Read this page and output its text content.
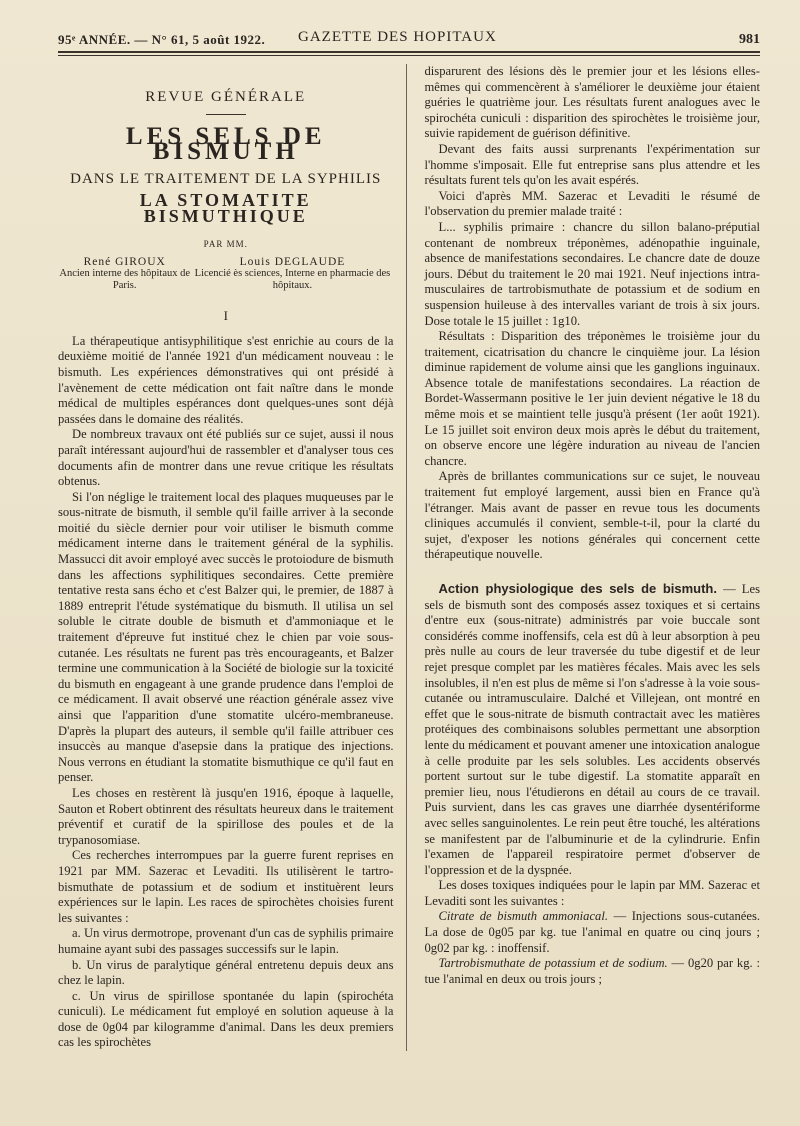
95ᵉ ANNÉE. — N° 61, 5 août 1922. GAZETTE DES HOPITAUX	981
REVUE GÉNÉRALE
LES SELS DE BISMUTH
DANS LE TRAITEMENT DE LA SYPHILIS
LA STOMATITE BISMUTHIQUE
PAR MM.
René GIROUX
Ancien interne des hôpitaux de Paris.
Louis DEGLAUDE
Licencié ès sciences, Interne en pharmacie des hôpitaux.
I

La thérapeutique antisyphilitique s'est enrichie au cours de la deuxième moitié de l'année 1921 d'un médicament nouveau : le bismuth. Les expériences démonstratives qui ont présidé à l'avènement de cette médication ont fait naître dans le monde médical de multiples espérances dont quelques-unes sont déjà passées dans le domaine des réalités.

De nombreux travaux ont été publiés sur ce sujet, aussi il nous paraît intéressant aujourd'hui de rassembler et d'analyser tous ces documents afin de montrer dans une revue critique les résultats obtenus.

Si l'on néglige le traitement local des plaques muqueuses par le sous-nitrate de bismuth, il semble qu'il faille arriver à la seconde moitié du siècle dernier pour voir utiliser le bismuth comme médicament interne dans le traitement général de la syphilis. Massucci dit avoir employé avec succès le protoiodure de bismuth dans les affections syphilitiques secondaires. Cette première tentative resta sans écho et c'est Balzer qui, le premier, de 1887 à 1889 entreprit l'étude systématique du bismuth. Il utilisa un sel soluble le citrate double de bismuth et d'ammoniaque et le traitement d'épreuve fut institué chez le chien par voie sous-cutanée. Les résultats ne furent pas très encourageants, et Balzer termine une communication à la Société de biologie sur la toxicité du bismuth en engageant à une grande prudence dans l'emploi de ce médicament. Il avait observé une réaction générale assez vive ainsi que l'apparition d'une stomatite ulcéro-membraneuse. D'après la plupart des auteurs, il semble qu'il faille attribuer ces insuccès au manque d'asepsie dans la pratique des injections. Nous verrons en étudiant la stomatite bismuthique ce qu'il faut en penser.

Les choses en restèrent là jusqu'en 1916, époque à laquelle, Sauton et Robert obtinrent des résultats heureux dans le traitement préventif et curatif de la spirillose des poules et de la trypanosomiase.

Ces recherches interrompues par la guerre furent reprises en 1921 par MM. Sazerac et Levaditi. Ils utilisèrent le tartro-bismuthate de potassium et de sodium et instituèrent leurs expériences sur le lapin. Les races de spirochètes choisies furent les suivantes :

a. Un virus dermotrope, provenant d'un cas de syphilis primaire humaine ayant subi des passages successifs sur le lapin.

b. Un virus de paralytique général entretenu depuis deux ans chez le lapin.

c. Un virus de spirillose spontanée du lapin (spirochéta cuniculi). Le médicament fut employé en solution aqueuse à la dose de 0g04 par kilogramme d'animal. Dans les deux premiers cas les spirochètes

disparurent des lésions dès le premier jour et les lésions elles-mêmes qui commencèrent à s'améliorer le deuxième jour étaient guéries le quatrième jour. Les résultats furent analogues avec le spirochéta cuniculi : disparition des spirochètes le troisième jour, suivie rapidement de guérison définitive.

Devant des faits aussi surprenants l'expérimentation sur l'homme s'imposait. Elle fut entreprise sans plus attendre et les résultats furent tels qu'on les avait espérés.

Voici d'après MM. Sazerac et Levaditi le résumé de l'observation du premier malade traité :

L... syphilis primaire : chancre du sillon balano-préputial contenant de nombreux tréponèmes, adénopathie inguinale, absence de manifestations secondaires. Le chancre date de douze jours. Début du traitement le 20 mai 1921. Neuf injections intra-musculaires de tartrobismuthate de potassium et de sodium en suspension huileuse à des intervalles variant de trois à six jours. Dose totale le 15 juillet : 1g10.

Résultats : Disparition des tréponèmes le troisième jour du traitement, cicatrisation du chancre le cinquième jour. La lésion diminue rapidement de volume ainsi que les ganglions inguinaux. Absence totale de manifestations secondaires. La réaction de Bordet-Wassermann positive le 1er juin devient négative le 18 du même mois et se maintient telle jusqu'à présent (1er août 1921). Le 15 juillet soit environ deux mois après le début du traitement, on observe encore une légère induration au niveau de l'ancien chancre.

Après de brillantes communications sur ce sujet, le nouveau traitement fut employé largement, aussi bien en France qu'à l'étranger. Mais avant de passer en revue tous les documents cliniques accumulés il convient, semble-t-il, pour la clarté du sujet, d'exposer les notions générales qui concernent cette thérapeutique nouvelle.

Action physiologique des sels de bismuth. — Les sels de bismuth sont des composés assez toxiques et si certains d'entre eux (sous-nitrate) administrés par voie buccale sont considérés comme inoffensifs, cela est dû à leur absorption à peu près nulle au cours de leur traversée du tube digestif et de leur rejet presque complet par les matières fécales. Mais avec les sels insolubles, il n'en est plus de même si l'on s'adresse à la voie sous-cutanée ou intramusculaire. Dalché et Villejean, ont montré en effet que le sous-nitrate de bismuth contractait avec les matières protéiques des combinaisons solubles permettant une absorption lente du médicament et pouvant amener une intoxication analogue à celle produite par les sels solubles. Les accidents observés portent surtout sur le tube digestif. La stomatite apparaît en premier lieu, nous l'étudierons en détail au cours de ce travail. Puis survient, dans les cas graves une diarrhée dysentériforme avec selles sanguinolentes. Le rein peut être touché, les altérations se manifestent par de l'albuminurie et de la cylindrurie. Enfin l'examen de l'appareil respiratoire permet d'observer de l'oppression et de la dyspnée.

Les doses toxiques indiquées pour le lapin par MM. Sazerac et Levaditi sont les suivantes :

Citrate de bismuth ammoniacal. — Injections sous-cutanées. La dose de 0g05 par kg. tue l'animal en quatre ou cinq jours ; 0g02 par kg. : inoffensif.

Tartrobismuthate de potassium et de sodium. — 0g20 par kg. : tue l'animal en deux ou trois jours ;
